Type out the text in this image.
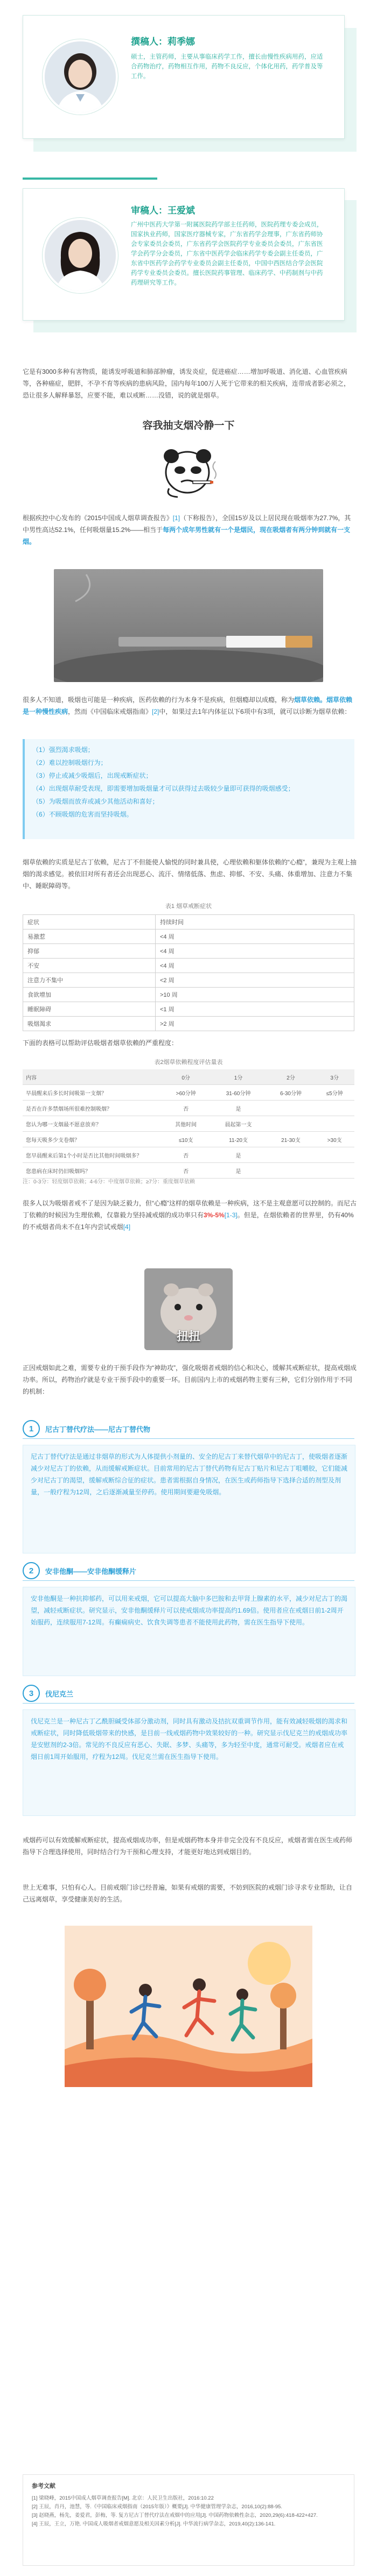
撰稿人：莉季娜
硕士，主管药师，主要从事临床药学工作，擅长由慢性疾病用药，应适合药物治疗，药物相互作用，药物不良反应，个体化用药，药学普及等工作。
审稿人：王爱斌
广州中医药大学第一附属医院药学部主任药师，医院药理专委会成员，国家执业药师，国家医疗器械专家，广东省药学会理事，广东省药师协会专家委员会委员，广东省药学会医院药学专业委员会委员，广东省医学会药学分会委员，广东省中医药学会临床药学专委会副主任委员，广东省中医药学会药学专业委员会副主任委员，中国中西医结合学会医院药学专业委员会委员。擅长医院药事管理、临床药学、中药制剂与中药药理研究等工作。
它是有3000多种有害物质，能诱发呼吸道和肺部肿瘤，诱发炎症，促进癌症……增加呼吸道、消化道、心血管疾病等，各种癌症，肥胖，不孕不育等疾病的患病风险，国内每年100万人死于它带来的相关疾病，连带成者影必须之，恐让很多人解释暴怒，应要不能，难以戒断……没错，说的就是烟草。
容我抽支烟冷静一下
根据疾控中心发布的《2015中国成人烟草调查报告》[1]（下称报告），全国15岁及以上居民现在吸烟率为27.7%，其中男性高达52.1%，任何吸烟量15.2%——相当于每两个成年男性就有一个是烟民，现在吸烟者有两分钟到就有一支烟。
很多人不知道，吸烟也可能是一种疾病，医药依赖的行为本身不是疾病，但烟瘾却以成瘾，称为烟草依赖。烟草依赖是一种慢性疾病，然而《中国临床戒烟指南》[2]中，如果过去1年内体征以下6项中有3项，就可以诊断为烟草依赖：
（1）强烈渴求吸烟；
（2）难以控制吸烟行为；
（3）停止或减少吸烟后，出现戒断症状；
（4）出现烟草耐受表现，即需要增加吸烟量才可以获得过去吸较少量即可获得的吸烟感受；
（5）为吸烟而放弃或减少其他活动和喜好；
（6）不顾吸烟的危害而坚持吸烟。
烟草依赖的实质是尼古丁依赖，尼古丁不但能使人愉悦的同时兼具使，心理依赖和躯体依赖的“心瘾”，兼现为主观上抽烟的渴求感觉。被依旧对所有者还会出现恶心、流汗、情绪低落、焦虑、抑郁、不安、头痛、体重增加、注意力不集中、睡眠障碍等。
表1 烟草戒断症状
症状	持续时间
易激惹	<4 周
抑郁	<4 周
不安	<4 周
注意力不集中	<2 周
食欲增加	>10 周
睡眠障碍	<1 周
吸烟渴求	>2 周
下面的表格可以帮助评估吸烟者烟草依赖的严重程度：
表2烟草依赖程度评估量表
内容	0分	1分	2分	3分
早晨醒来后多长时间吸第一支烟？	>60分钟	31-60分钟	6-30分钟	≤5分钟
是否在许多禁烟场所很难控制吸烟？	否	是		
您认为哪一支烟最不愿意放弃？	其他时间	晨起第一支		
您每天吸多少支卷烟？	≤10支	11-20支	21-30支	>30支
您早晨醒来后第1个小时是否比其他时间吸烟多？	否	是		
您患病在床时仍旧吸烟吗？	否	是		
注：0-3分：轻度烟草依赖；4-6分：中度烟草依赖；≥7分：重度烟草依赖
很多人以为吸烟者戒不了是因为缺乏毅力，但“心瘾”这样的烟草依赖是一种疾病，这不是主观意愿可以控制的。而尼古丁依赖的时候因为生理依赖，仅靠毅力坚持减戒烟的成功率只有3%-5%[1-3]。但是，在烟依赖者的世界里，仍有40%的不戒烟者尚未不在1年内尝试戒烟[4]
扭扭
正因戒烟如此之难，需要专业的干预手段作为“神助攻”，强化吸烟者戒烟的信心和决心，缓解其戒断症状，提高戒烟成功率。所以，药物治疗就是专业干预手段中的重要一环。目前国内上市的戒烟药物主要有三种，它们分别作用于不同的机制：
1	尼古丁替代疗法——尼古丁替代物
尼古丁替代疗法是通过非烟草的形式为人体提供小剂量的、安全的尼古丁来替代烟草中的尼古丁，使吸烟者逐渐减少对尼古丁的依赖，从而缓解戒断症状。目前常用的尼古丁替代药物有尼古丁贴片和尼古丁咀嚼胶，它们能减少对尼古丁的渴望，缓解戒断综合征的症状。患者需根据自身情况，在医生或药师指导下选择合适的剂型及剂量，一般疗程为12周，之后逐渐减量至停药。使用期间要避免吸烟。
2	安非他酮——安非他酮缓释片
安非他酮是一种抗抑郁药，可以用来戒烟，它可以提高大脑中多巴胺和去甲肾上腺素的水平，减少对尼古丁的渴望，减轻戒断症状。研究显示，安非他酮缓释片可以使戒烟成功率提高约1.69倍。使用者应在戒烟日前1-2周开始服药，连续服用7-12周。有癫痫病史、饮食失调等患者不能使用此药物，需在医生指导下使用。
3	伐尼克兰
伐尼克兰是一种尼古丁乙酰胆碱受体部分激动剂，同时具有激动及拮抗双重调节作用，能有效减轻吸烟的渴求和戒断症状，同时降低吸烟带来的快感，是目前一线戒烟药物中效果较好的一种。研究显示伐尼克兰的戒烟成功率是安慰剂的2-3倍。常见的不良反应有恶心、失眠、多梦、头痛等，多为轻至中度，通常可耐受。戒烟者应在戒烟日前1周开始服用，疗程为12周。伐尼克兰需在医生指导下使用。
戒烟药可以有效缓解戒断症状，提高戒烟成功率，但是戒烟药物本身并非完全没有不良反应，戒烟者需在医生或药师指导下合理选择使用，同时结合行为干预和心理支持，才能更好地达到戒烟目的。
世上无难事，只怕有心人。目前戒烟门诊已经普遍，如果有戒烟的需要，不妨到医院的戒烟门诊寻求专业帮助，让自己远离烟草，享受健康美好的生活。
参考文献
[1] 梁晓峰，2015中国成人烟草调查报告[M]. 北京：人民卫生出版社，2016:10.22
[2] 王辰，肖丹，池慧，等.《中国临床戒烟指南（2015年版）》概要[J]. 中华健康管理学杂志，2016,10(2):88-95.
[3] 赵晓燕，杨先，姜爱君，彭梅，等. 复方尼古丁替代疗法在戒烟中的应用[J]. 中国药物依赖性杂志，2020,29(6):418-422+427.
[4] 王辰，王立，万艳. 中国成人吸烟者戒烟意愿及相关因素分析[J]. 中华流行病学杂志，2019,40(2):136-141.
